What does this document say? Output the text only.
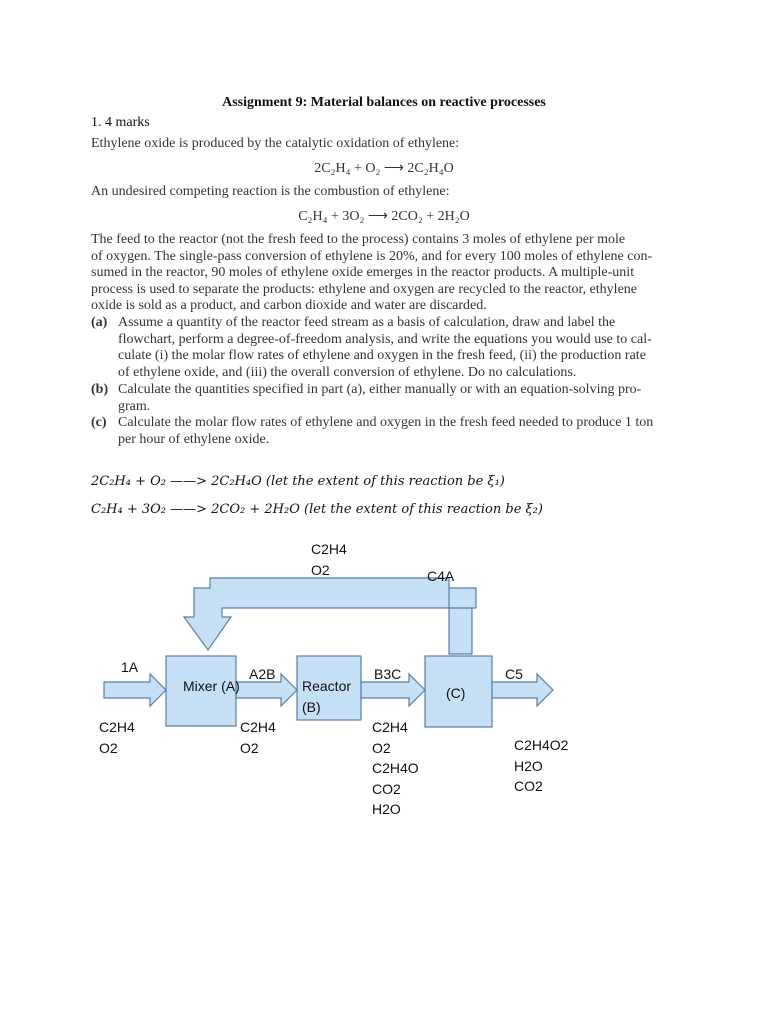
Assignment 9: Material balances on reactive processes
1. 4 marks
Ethylene oxide is produced by the catalytic oxidation of ethylene:
2C₂H₄ + O₂ ⟶ 2C₂H₄O
An undesired competing reaction is the combustion of ethylene:
C₂H₄ + 3O₂ ⟶ 2CO₂ + 2H₂O
The feed to the reactor (not the fresh feed to the process) contains 3 moles of ethylene per mole
of oxygen. The single-pass conversion of ethylene is 20%, and for every 100 moles of ethylene con-
sumed in the reactor, 90 moles of ethylene oxide emerges in the reactor products. A multiple-unit
process is used to separate the products: ethylene and oxygen are recycled to the reactor, ethylene
oxide is sold as a product, and carbon dioxide and water are discarded.
(a) Assume a quantity of the reactor feed stream as a basis of calculation, draw and label the
flowchart, perform a degree-of-freedom analysis, and write the equations you would use to cal-
culate (i) the molar flow rates of ethylene and oxygen in the fresh feed, (ii) the production rate
of ethylene oxide, and (iii) the overall conversion of ethylene. Do no calculations.
(b) Calculate the quantities specified in part (a), either manually or with an equation-solving pro-
gram.
(c) Calculate the molar flow rates of ethylene and oxygen in the fresh feed needed to produce 1 ton
per hour of ethylene oxide.
2C₂H₄ + O₂ ——> 2C₂H₄O (let the extent of this reaction be ξ₁)
C₂H₄ + 3O₂ ——> 2CO₂ + 2H₂O (let the extent of this reaction be ξ₂)
C2H4
O2	C4A
1A
Mixer (A)
A2B
Reactor
(B)
B3C
(C)
C5
C2H4
O2
C2H4
O2
C2H4
O2
C2H4O
CO2
H2O
C2H4O2
H2O
CO2
